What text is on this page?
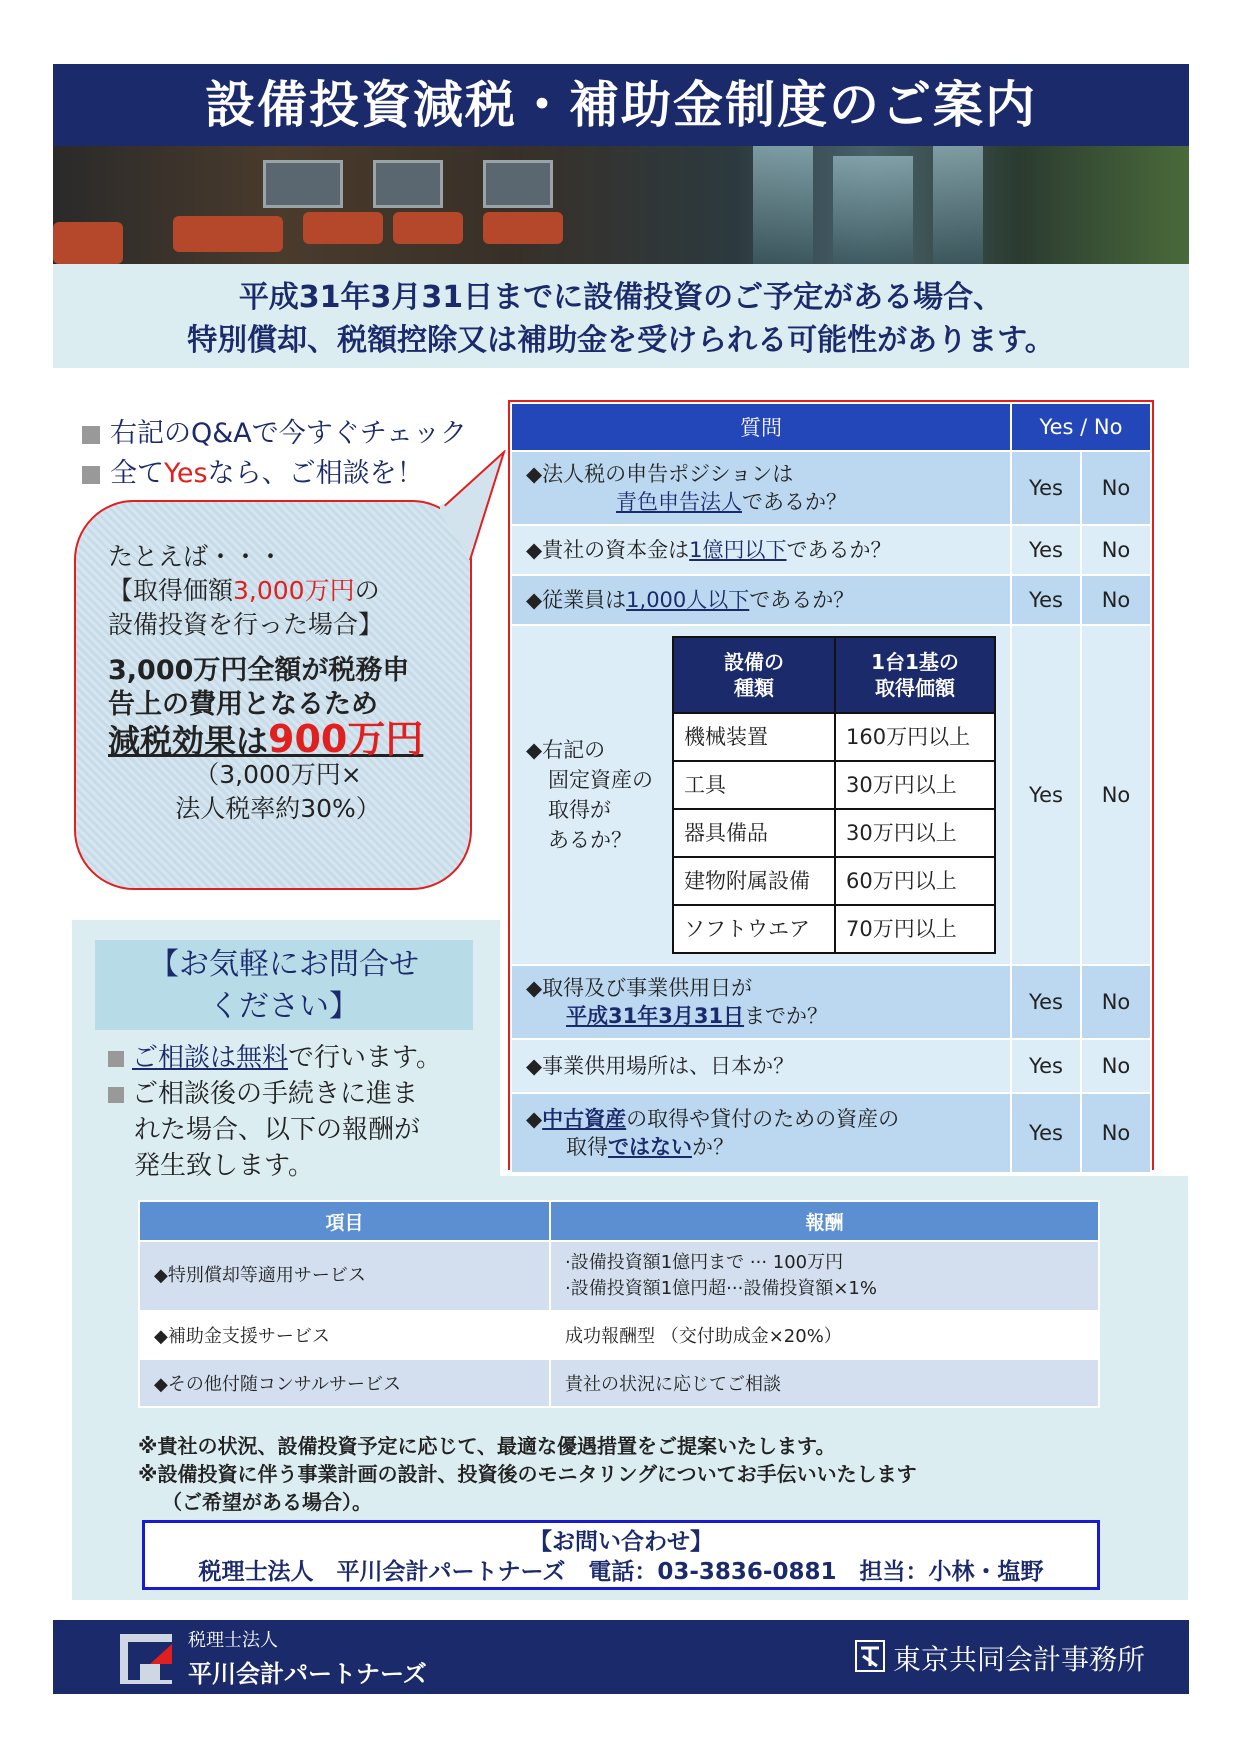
設備投資減税・補助金制度のご案内
平成31年3月31日までに設備投資のご予定がある場合、
特別償却、税額控除又は補助金を受けられる可能性があります。
右記のQ&Aで今すぐチェック
全てYesなら、ご相談を！
たとえば・・・
【取得価額3,000万円の
設備投資を行った場合】
3,000万円全額が税務申
告上の費用となるため
減税効果は900万円
（3,000万円×
法人税率約30%）
【お気軽にお問合せ
ください】
ご相談は無料で行います。
ご相談後の手続きに進ま
れた場合、以下の報酬が
発生致します。
質問	Yes / No

◆法人税の申告ポジションは
青色申告法人であるか？
	Yes	No
◆貴社の資本金は1億円以下であるか？	Yes	No
◆従業員は1,000人以下であるか？	Yes	No

◆右記の
固定資産の
取得が
あるか？
設備の
種類

1台1基の
取得価額

機械装置	160万円以上
工具	30万円以上
器具備品	30万円以上
建物附属設備	60万円以上
ソフトウエア	70万円以上
	Yes	No

◆取得及び事業供用日が
平成31年3月31日までか？
	Yes	No
◆事業供用場所は、日本か？	Yes	No

◆中古資産の取得や貸付のための資産の
取得ではないか？
	Yes	No
項目	報酬
◆特別償却等適用サービス	·設備投資額1億円まで ··· 100万円
·設備投資額1億円超···設備投資額×1%

◆補助金支援サービス	成功報酬型 （交付助成金×20%）
◆その他付随コンサルサービス	貴社の状況に応じてご相談
※貴社の状況、設備投資予定に応じて、最適な優遇措置をご提案いたします。
※設備投資に伴う事業計画の設計、投資後のモニタリングについてお手伝いいたします
（ご希望がある場合）。
【お問い合わせ】
税理士法人　平川会計パートナーズ　電話：03-3836-0881　担当：小林・塩野
税理士法人
平川会計パートナーズ	東京共同会計事務所
